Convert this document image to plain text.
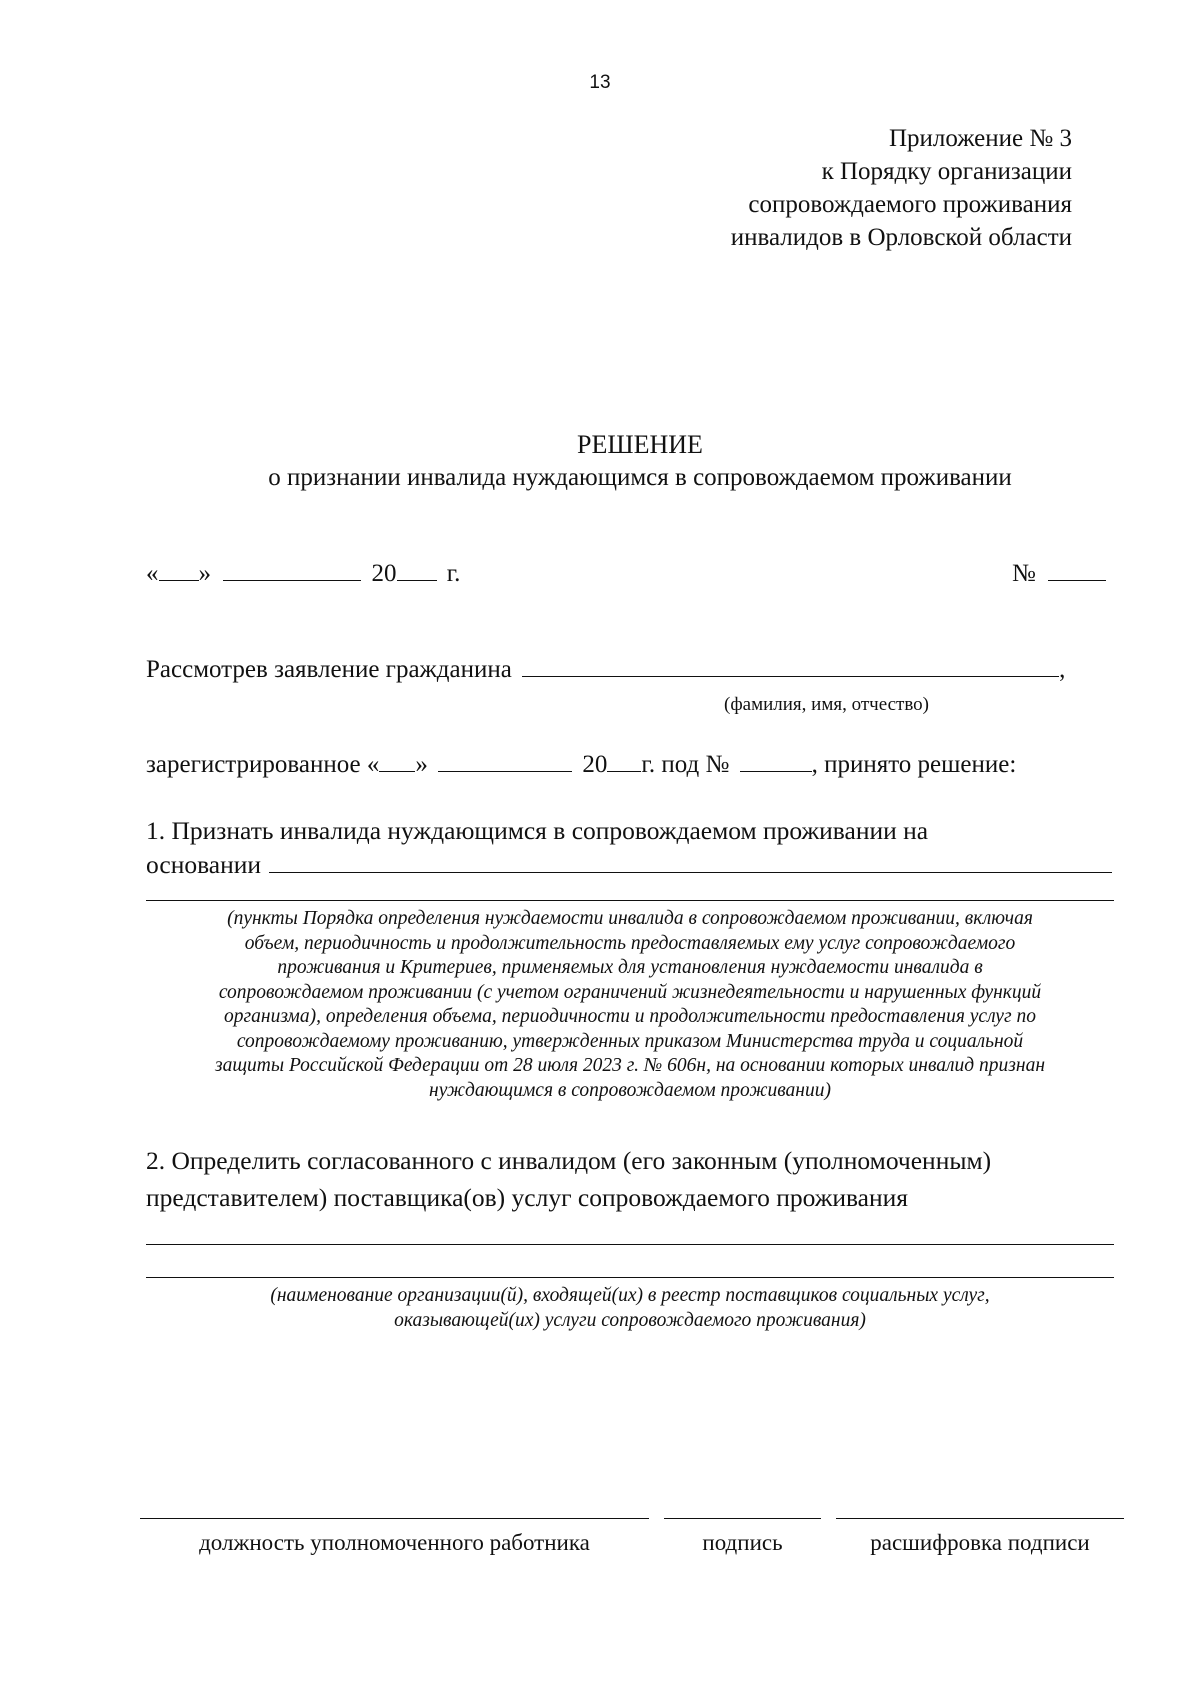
13
Приложение № 3
к Порядку организации
сопровождаемого проживания
инвалидов в Орловской области
РЕШЕНИЕ
о признании инвалида нуждающимся в сопровождаемом проживании
« »	20 г.	№
Рассмотрев заявление гражданина	,
(фамилия, имя, отчество)
зарегистрированное « »	20 г. под №	, принято решение:
1. Признать инвалида нуждающимся в сопровождаемом проживании на
основании
(пункты Порядка определения нуждаемости инвалида в сопровождаемом проживании, включая
объем, периодичность и продолжительность предоставляемых ему услуг сопровождаемого
проживания и Критериев, применяемых для установления нуждаемости инвалида в
сопровождаемом проживании (с учетом ограничений жизнедеятельности и нарушенных функций
организма), определения объема, периодичности и продолжительности предоставления услуг по
сопровождаемому проживанию, утвержденных приказом Министерства труда и социальной
защиты Российской Федерации от 28 июля 2023 г. № 606н, на основании которых инвалид признан
нуждающимся в сопровождаемом проживании)
2. Определить согласованного с инвалидом (его законным (уполномоченным)
представителем) поставщика(ов) услуг сопровождаемого проживания
(наименование организации(й), входящей(их) в реестр поставщиков социальных услуг,
оказывающей(их) услуги сопровождаемого проживания)
должность уполномоченного работника	подпись	расшифровка подписи
